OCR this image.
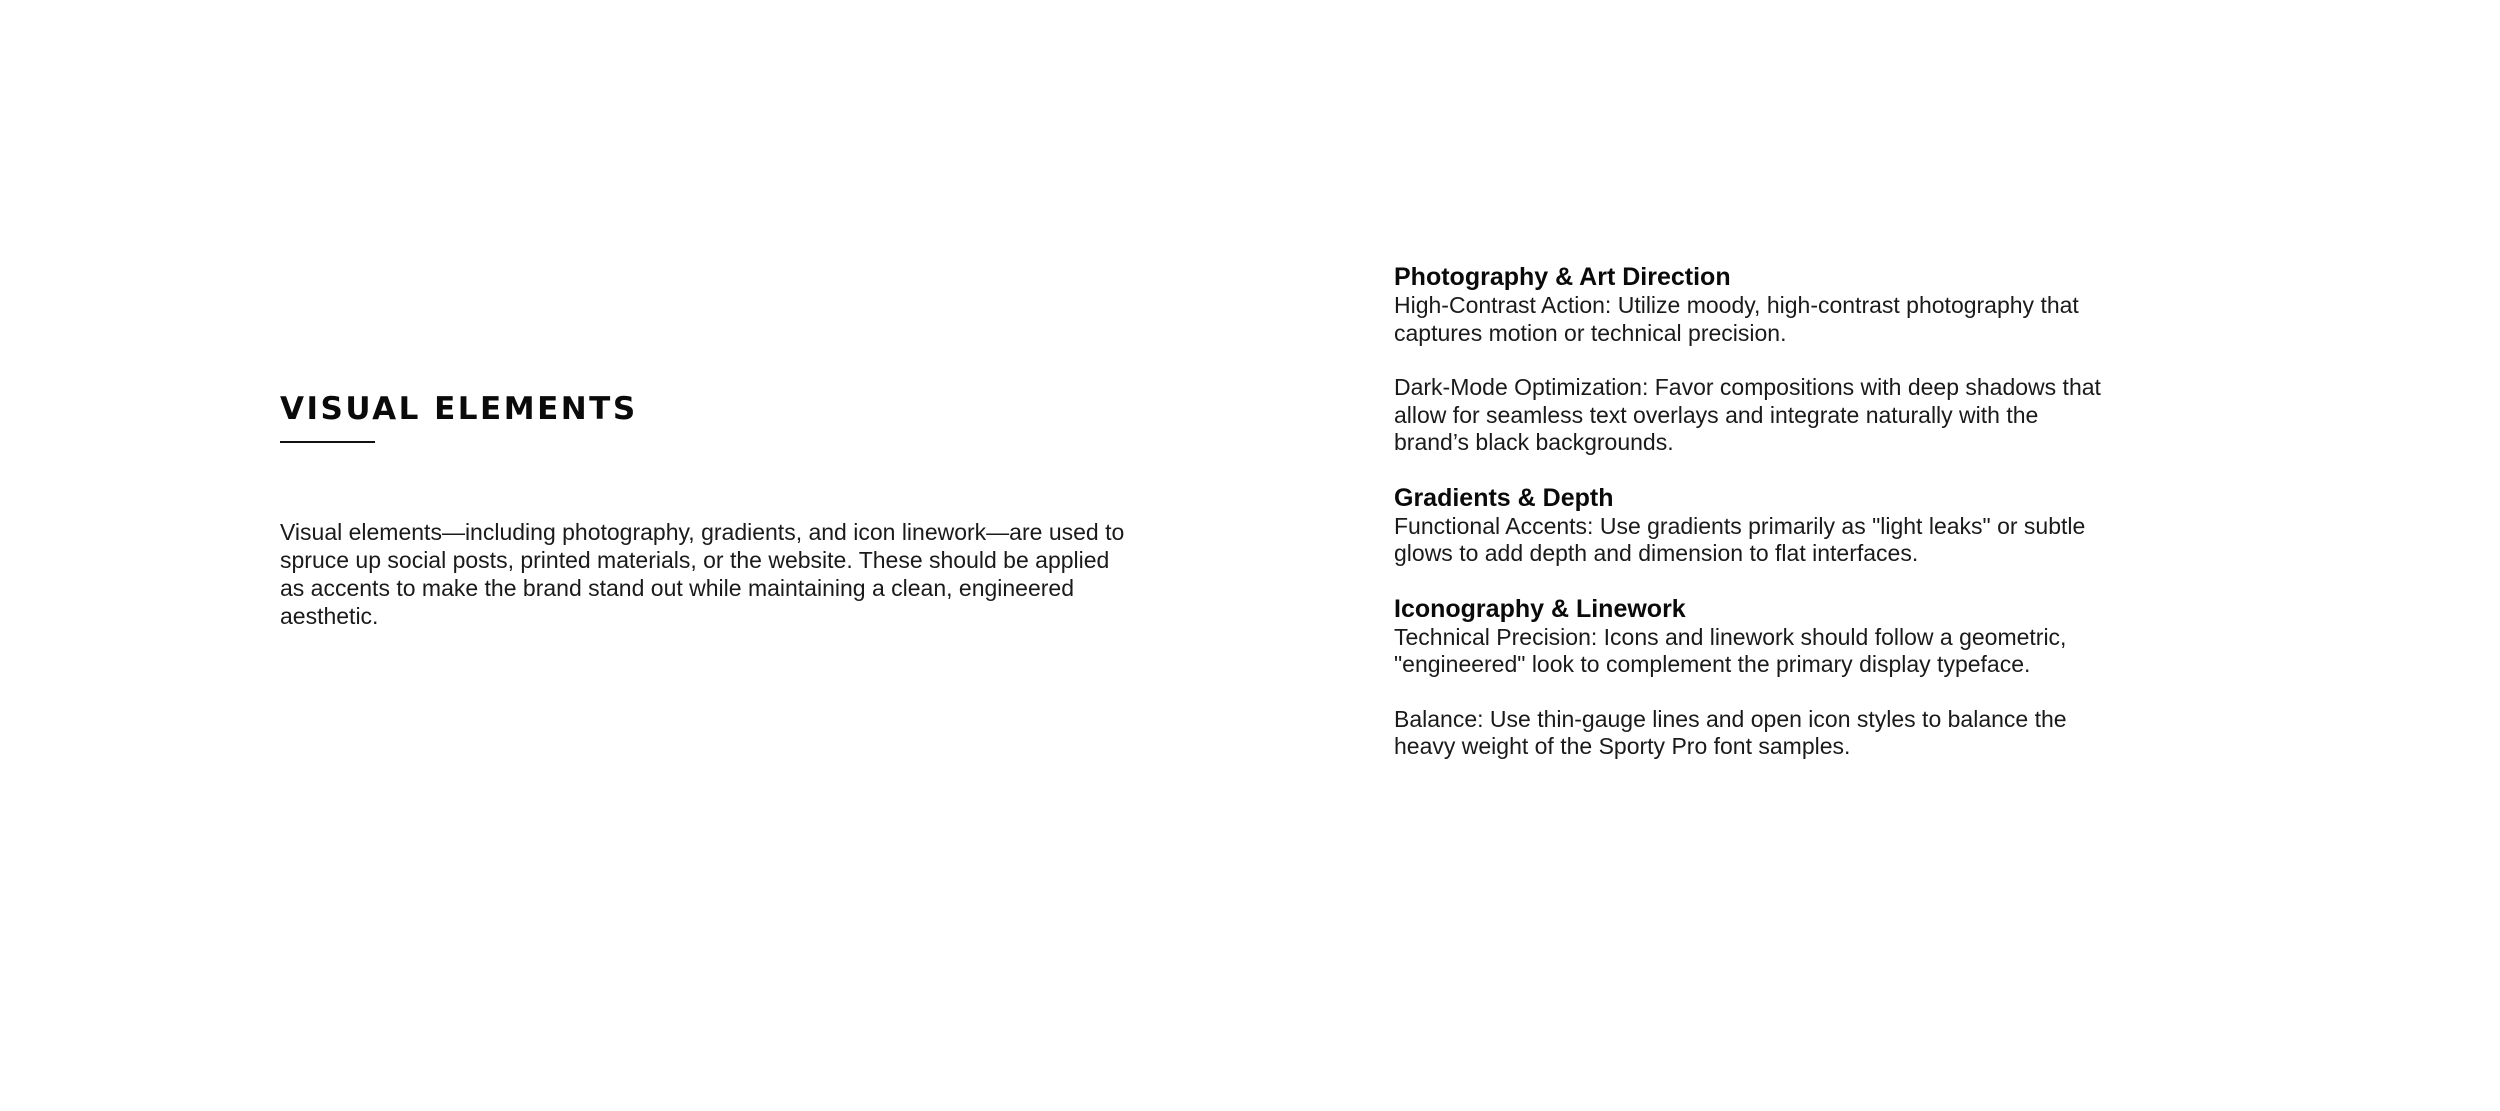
VISUAL ELEMENTS

Visual elements—including photography, gradients, and icon linework—are used to spruce up social posts, printed materials, or the website. These should be applied as accents to make the brand stand out while maintaining a clean, engineered aesthetic.

Photography & Art Direction

High-Contrast Action: Utilize moody, high-contrast photography that captures motion or technical precision.

Dark-Mode Optimization: Favor compositions with deep shadows that allow for seamless text overlays and integrate naturally with the brand’s black backgrounds.

Gradients & Depth

Functional Accents: Use gradients primarily as "light leaks" or subtle glows to add depth and dimension to flat interfaces.

Iconography & Linework

Technical Precision: Icons and linework should follow a geometric, "engineered" look to complement the primary display typeface.

Balance: Use thin-gauge lines and open icon styles to balance the heavy weight of the Sporty Pro font samples.
